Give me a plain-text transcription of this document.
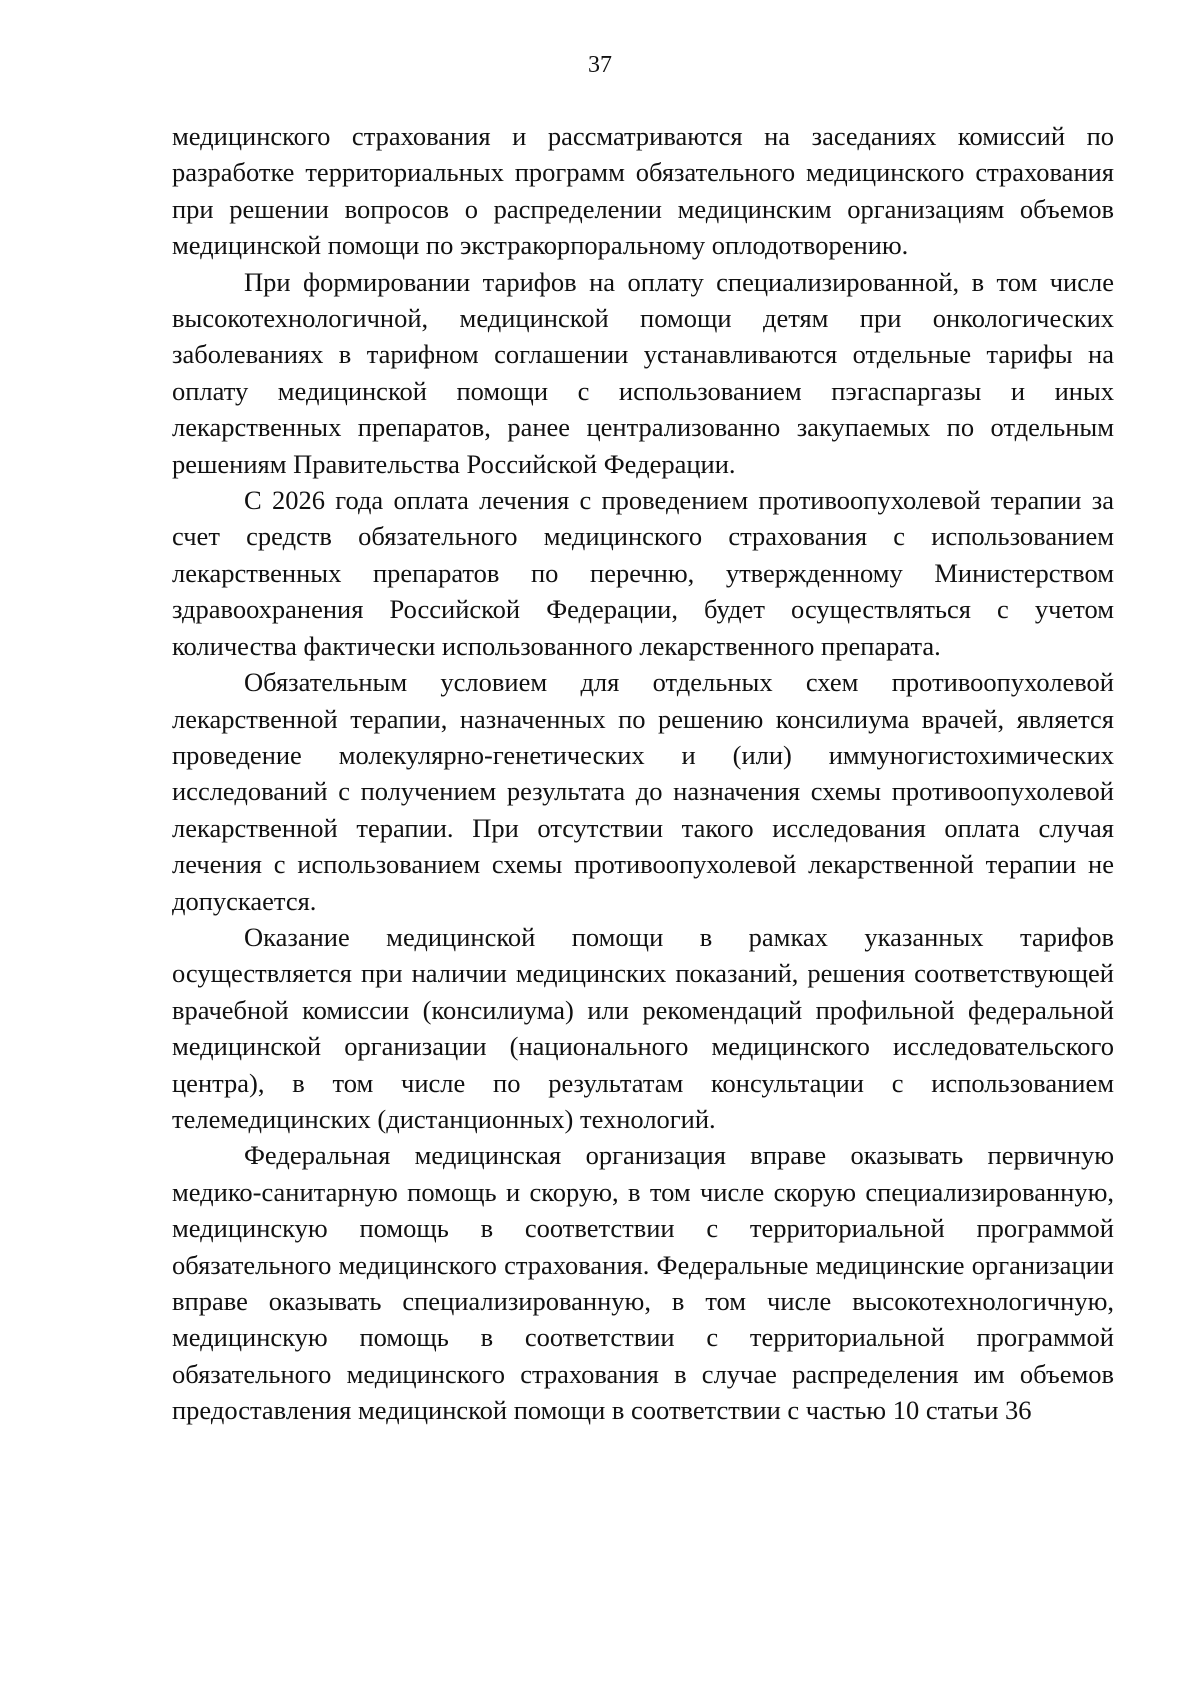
37

медицинского страхования и рассматриваются на заседаниях комиссий по разработке территориальных программ обязательного медицинского страхования при решении вопросов о распределении медицинским организациям объемов медицинской помощи по экстракорпоральному оплодотворению.

При формировании тарифов на оплату специализированной, в том числе высокотехнологичной, медицинской помощи детям при онкологических заболеваниях в тарифном соглашении устанавливаются отдельные тарифы на оплату медицинской помощи с использованием пэгаспаргазы и иных лекарственных препаратов, ранее централизованно закупаемых по отдельным решениям Правительства Российской Федерации.

С 2026 года оплата лечения с проведением противоопухолевой терапии за счет средств обязательного медицинского страхования с использованием лекарственных препаратов по перечню, утвержденному Министерством здравоохранения Российской Федерации, будет осуществляться с учетом количества фактически использованного лекарственного препарата.

Обязательным условием для отдельных схем противоопухолевой лекарственной терапии, назначенных по решению консилиума врачей, является проведение молекулярно-генетических и (или) иммуногистохимических исследований с получением результата до назначения схемы противоопухолевой лекарственной терапии. При отсутствии такого исследования оплата случая лечения с использованием схемы противоопухолевой лекарственной терапии не допускается.

Оказание медицинской помощи в рамках указанных тарифов осуществляется при наличии медицинских показаний, решения соответствующей врачебной комиссии (консилиума) или рекомендаций профильной федеральной медицинской организации (национального медицинского исследовательского центра), в том числе по результатам консультации с использованием телемедицинских (дистанционных) технологий.

Федеральная медицинская организация вправе оказывать первичную медико-санитарную помощь и скорую, в том числе скорую специализированную, медицинскую помощь в соответствии с территориальной программой обязательного медицинского страхования. Федеральные медицинские организации вправе оказывать специализированную, в том числе высокотехнологичную, медицинскую помощь в соответствии с территориальной программой обязательного медицинского страхования в случае распределения им объемов предоставления медицинской помощи в соответствии с частью 10 статьи 36
